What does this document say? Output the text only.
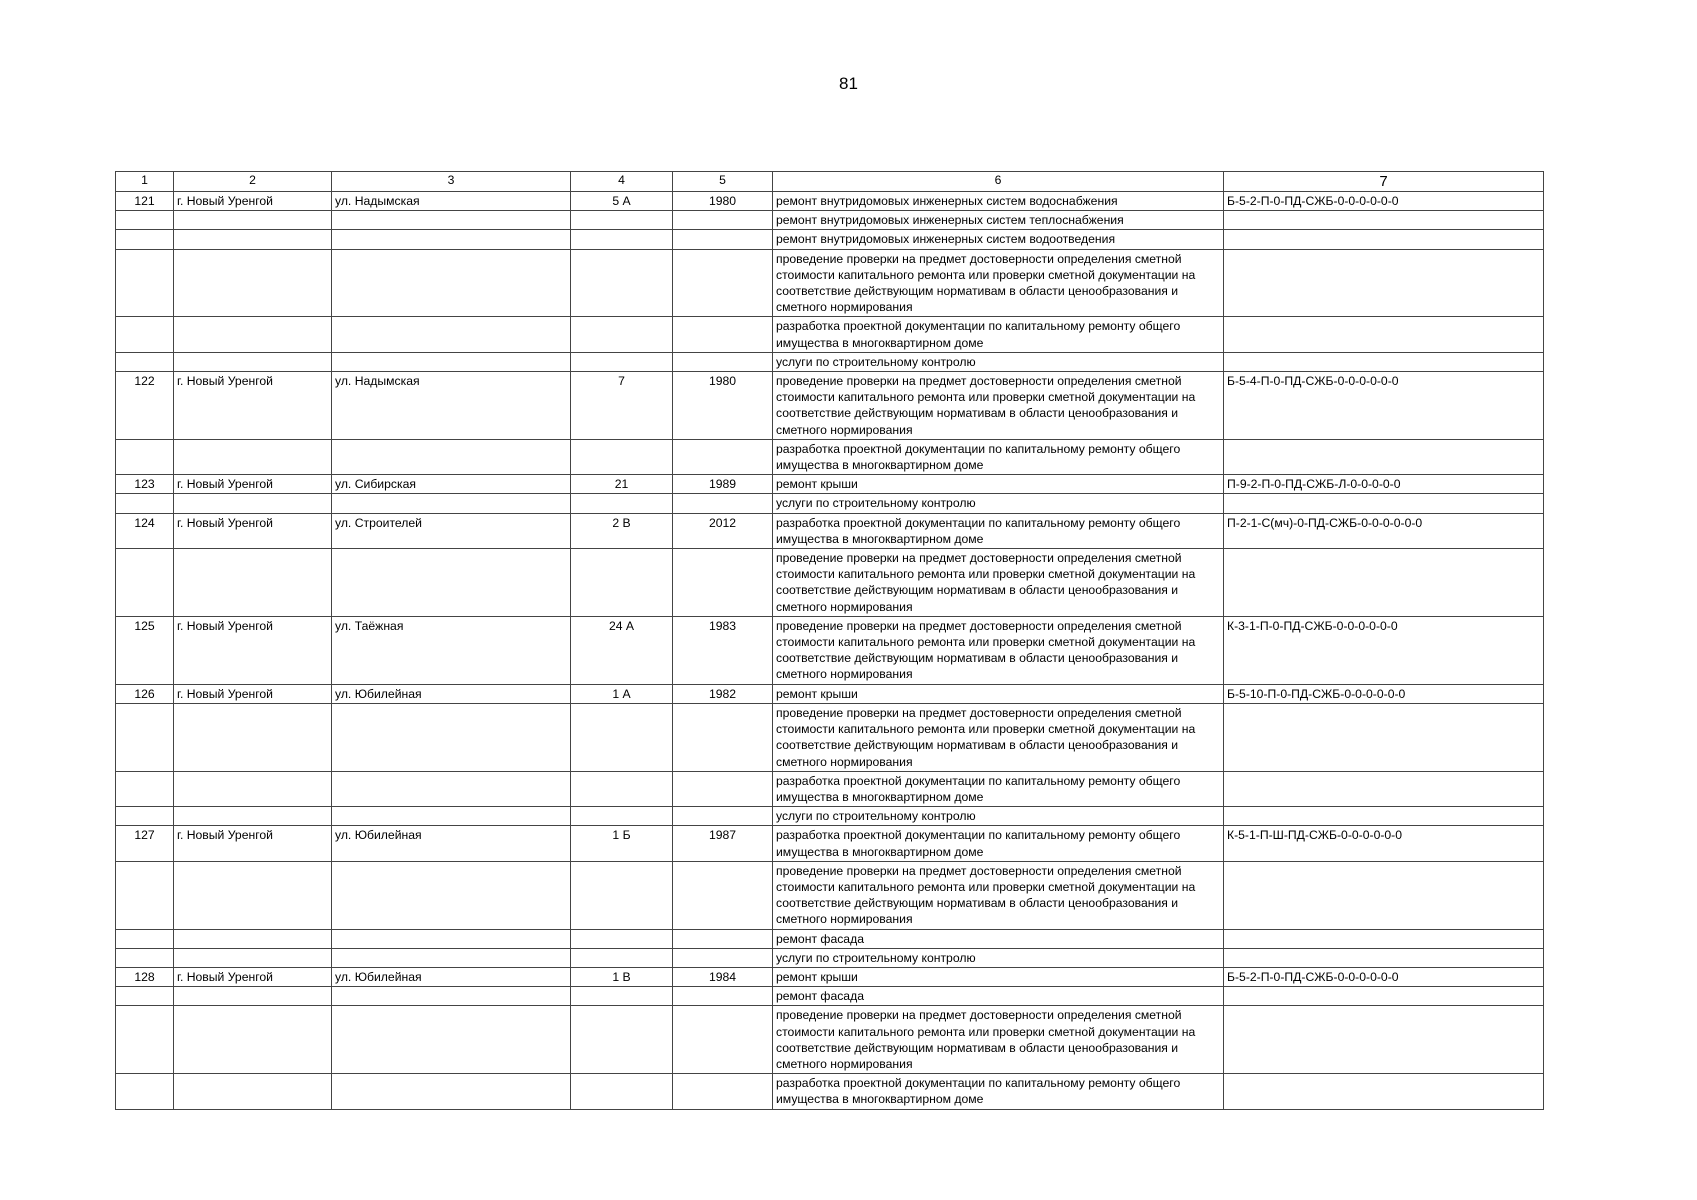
81
1	2	3	4	5	6	7
121	г. Новый Уренгой	ул. Надымская	5 А	1980	ремонт внутридомовых инженерных систем водоснабжения	Б-5-2-П-0-ПД-СЖБ-0-0-0-0-0-0
					ремонт внутридомовых инженерных систем теплоснабжения	
					ремонт внутридомовых инженерных систем водоотведения	
					проведение проверки на предмет достоверности определения сметной стоимости капитального ремонта или проверки сметной документации на соответствие действующим нормативам в области ценообразования и сметного нормирования	
					разработка проектной документации по капитальному ремонту общего имущества в многоквартирном доме	
					услуги по строительному контролю	
122	г. Новый Уренгой	ул. Надымская	7	1980	проведение проверки на предмет достоверности определения сметной стоимости капитального ремонта или проверки сметной документации на соответствие действующим нормативам в области ценообразования и сметного нормирования	Б-5-4-П-0-ПД-СЖБ-0-0-0-0-0-0
					разработка проектной документации по капитальному ремонту общего имущества в многоквартирном доме	
123	г. Новый Уренгой	ул. Сибирская	21	1989	ремонт крыши	П-9-2-П-0-ПД-СЖБ-Л-0-0-0-0-0
					услуги по строительному контролю	
124	г. Новый Уренгой	ул. Строителей	2 В	2012	разработка проектной документации по капитальному ремонту общего имущества в многоквартирном доме	П-2-1-С(мч)-0-ПД-СЖБ-0-0-0-0-0-0
					проведение проверки на предмет достоверности определения сметной стоимости капитального ремонта или проверки сметной документации на соответствие действующим нормативам в области ценообразования и сметного нормирования	
125	г. Новый Уренгой	ул. Таёжная	24 А	1983	проведение проверки на предмет достоверности определения сметной стоимости капитального ремонта или проверки сметной документации на соответствие действующим нормативам в области ценообразования и сметного нормирования	К-3-1-П-0-ПД-СЖБ-0-0-0-0-0-0
126	г. Новый Уренгой	ул. Юбилейная	1 А	1982	ремонт крыши	Б-5-10-П-0-ПД-СЖБ-0-0-0-0-0-0
					проведение проверки на предмет достоверности определения сметной стоимости капитального ремонта или проверки сметной документации на соответствие действующим нормативам в области ценообразования и сметного нормирования	
					разработка проектной документации по капитальному ремонту общего имущества в многоквартирном доме	
					услуги по строительному контролю	
127	г. Новый Уренгой	ул. Юбилейная	1 Б	1987	разработка проектной документации по капитальному ремонту общего имущества в многоквартирном доме	К-5-1-П-Ш-ПД-СЖБ-0-0-0-0-0-0
					проведение проверки на предмет достоверности определения сметной стоимости капитального ремонта или проверки сметной документации на соответствие действующим нормативам в области ценообразования и сметного нормирования	
					ремонт фасада	
					услуги по строительному контролю	
128	г. Новый Уренгой	ул. Юбилейная	1 В	1984	ремонт крыши	Б-5-2-П-0-ПД-СЖБ-0-0-0-0-0-0
					ремонт фасада	
					проведение проверки на предмет достоверности определения сметной стоимости капитального ремонта или проверки сметной документации на соответствие действующим нормативам в области ценообразования и сметного нормирования	
					разработка проектной документации по капитальному ремонту общего имущества в многоквартирном доме	
